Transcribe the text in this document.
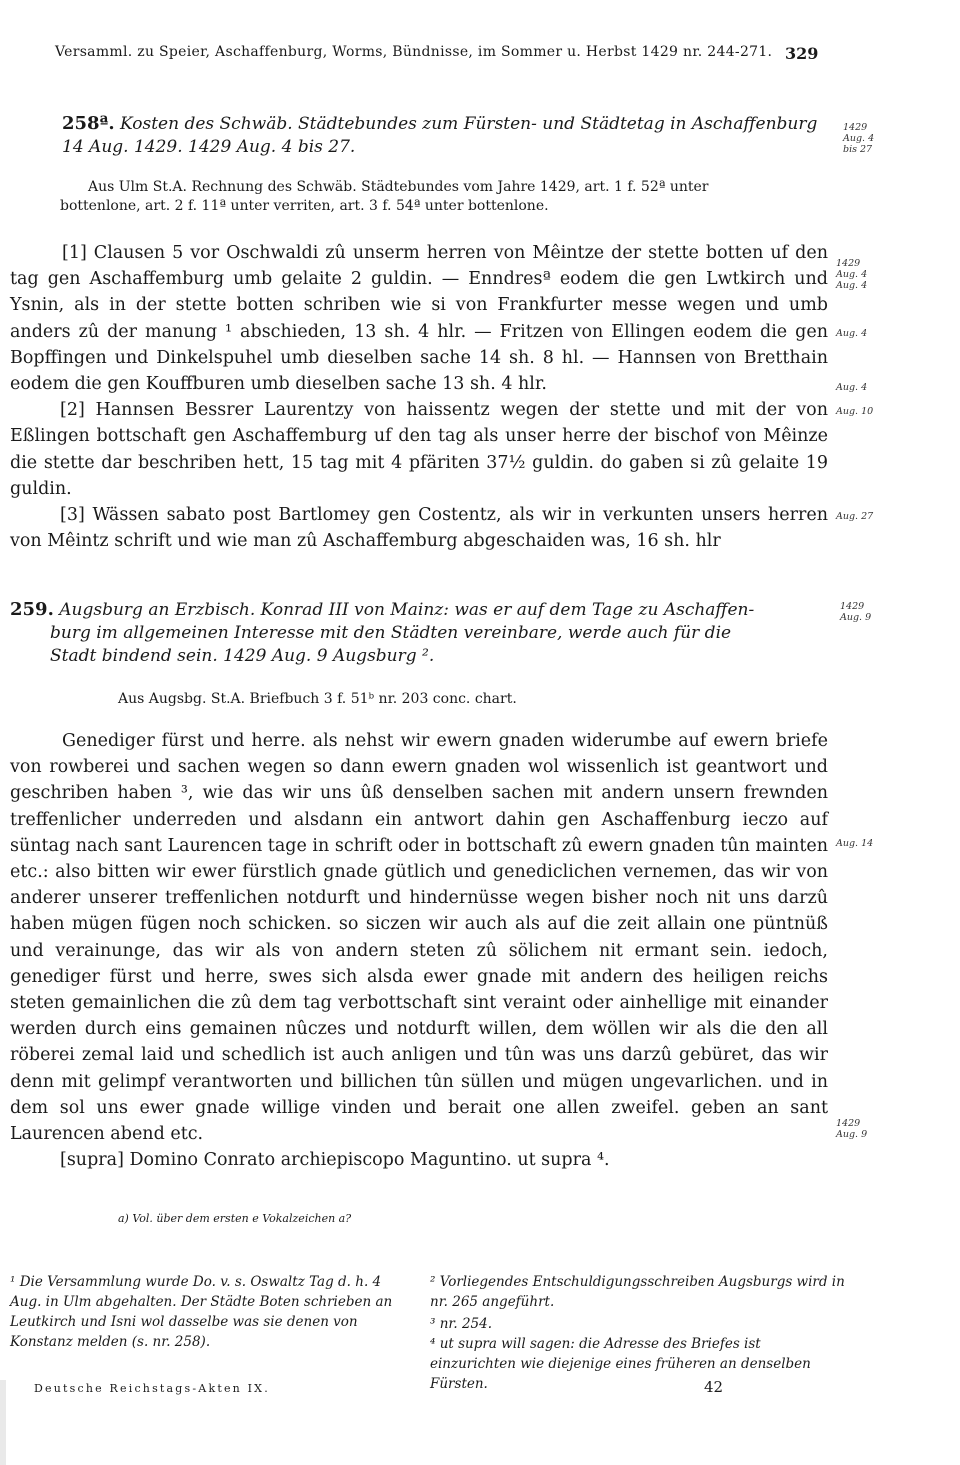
Versamml. zu Speier, Aschaffenburg, Worms, Bündnisse, im Sommer u. Herbst 1429 nr. 244-271. 329
258ª. Kosten des Schwäb. Städtebundes zum Fürsten- und Städtetag in Aschaffenburg
14 Aug. 1429. 1429 Aug. 4 bis 27.
Aus Ulm St.A. Rechnung des Schwäb. Städtebundes vom Jahre 1429, art. 1 f. 52ª unter
bottenlone, art. 2 f. 11ª unter verriten, art. 3 f. 54ª unter bottenlone.

[1] Clausen 5 vor Oschwaldi zû unserm herren von Mêintze der stette botten uf den tag gen Aschaffemburg umb gelaite 2 guldin. — Enndresª eodem die gen Lwtkirch und Ysnin, als in der stette botten schriben wie si von Frankfurter messe wegen und umb anders zû der manung ¹ abschieden, 13 sh. 4 hlr. — Fritzen von Ellingen eodem die gen Bopffingen und Dinkelspuhel umb dieselben sache 14 sh. 8 hl. — Hannsen von Bretthain eodem die gen Kouffburen umb dieselben sache 13 sh. 4 hlr.

[2] Hannsen Bessrer Laurentzy von haissentz wegen der stette und mit der von Eßlingen bottschaft gen Aschaffemburg uf den tag als unser herre der bischof von Mêinze die stette dar beschriben hett, 15 tag mit 4 pfäriten 37½ guldin. do gaben si zû gelaite 19 guldin.

[3] Wässen sabato post Bartlomey gen Costentz, als wir in verkunten unsers herren von Mêintz schrift und wie man zû Aschaffemburg abgeschaiden was, 16 sh. hlr

1429 Aug. 4 bis 27
1429 Aug. 4
Aug. 4
Aug. 4
Aug. 4
Aug. 10
Aug. 27
259. Augsburg an Erzbisch. Konrad III von Mainz: was er auf dem Tage zu Aschaffen-
burg im allgemeinen Interesse mit den Städten vereinbare, werde auch für die
Stadt bindend sein. 1429 Aug. 9 Augsburg ².
Aus Augsbg. St.A. Briefbuch 3 f. 51ᵇ nr. 203 conc. chart.

Genediger fürst und herre. als nehst wir ewern gnaden widerumbe auf ewern briefe von rowberei und sachen wegen so dann ewern gnaden wol wissenlich ist geantwort und geschriben haben ³, wie das wir uns ûß denselben sachen mit andern unsern frewnden treffenlicher underreden und alsdann ein antwort dahin gen Aschaffenburg ieczo auf süntag nach sant Laurencen tage in schrift oder in bottschaft zû ewern gnaden tûn mainten etc.: also bitten wir ewer fürstlich gnade gütlich und genediclichen vernemen, das wir von anderer unserer treffenlichen notdurft und hindernüsse wegen bisher noch nit uns darzû haben mügen fügen noch schicken. so siczen wir auch als auf die zeit allain one püntnüß und verainunge, das wir als von andern steten zû sölichem nit ermant sein. iedoch, genediger fürst und herre, swes sich alsda ewer gnade mit andern des heiligen reichs steten gemainlichen die zû dem tag verbottschaft sint veraint oder ainhellige mit einander werden durch eins gemainen nûczes und notdurft willen, dem wöllen wir als die den all röberei zemal laid und schedlich ist auch anligen und tûn was uns darzû gebüret, das wir denn mit gelimpf verantworten und billichen tûn süllen und mügen ungevarlichen. und in dem sol uns ewer gnade willige vinden und berait one allen zweifel. geben an sant Laurencen abend etc.

[supra] Domino Conrato archiepiscopo Maguntino. ut supra ⁴.

1429 Aug. 9
Aug. 14
1429 Aug. 9
a) Vol. über dem ersten e Vokalzeichen a?
¹ Die Versammlung wurde Do. v. s. Oswaltz Tag d. h. 4 Aug. in Ulm abgehalten. Der Städte Boten schrieben an Leutkirch und Isni wol dasselbe was sie denen von Konstanz melden (s. nr. 258).
² Vorliegendes Entschuldigungsschreiben Augsburgs wird in nr. 265 angeführt.
³ nr. 254.
⁴ ut supra will sagen: die Adresse des Briefes ist einzurichten wie diejenige eines früheren an denselben Fürsten.
Deutsche Reichstags-Akten IX.	42
